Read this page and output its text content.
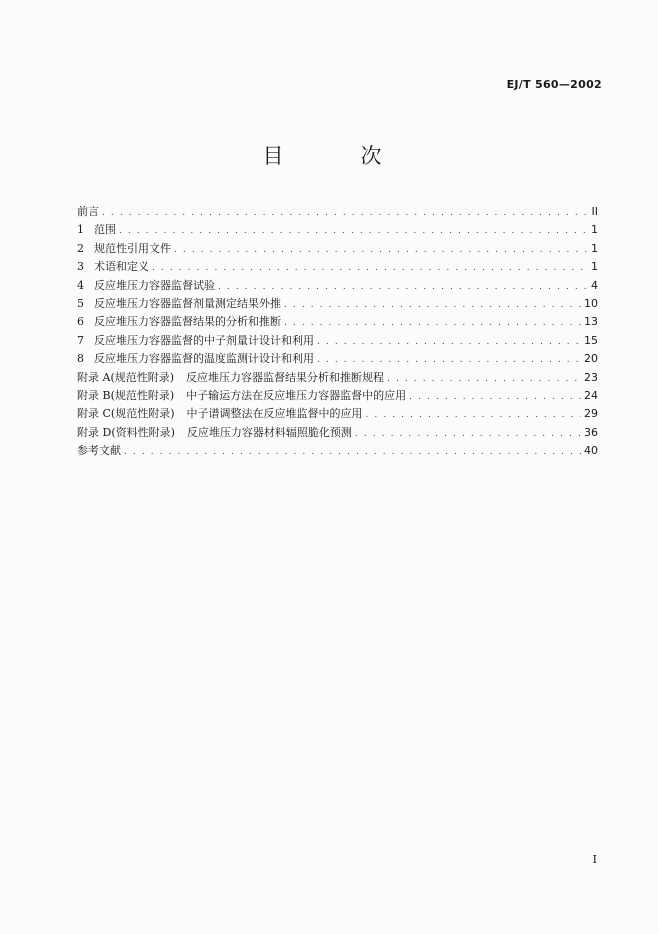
EJ/T 560—2002
目　次
前言 . . .	II
1 范围 . . .	1
2 规范性引用文件 . . .	1
3 术语和定义 . . .	1
4 反应堆压力容器监督试验 . . .	4
5 反应堆压力容器监督剂量测定结果外推 . . .	10
6 反应堆压力容器监督结果的分析和推断 . . .	13
7 反应堆压力容器监督的中子剂量计设计和利用 . . .	15
8 反应堆压力容器监督的温度监测计设计和利用 . . .	20
附录 A(规范性附录) 反应堆压力容器监督结果分析和推断规程 . . .	23
附录 B(规范性附录) 中子输运方法在反应堆压力容器监督中的应用 . . .	24
附录 C(规范性附录) 中子谱调整法在反应堆监督中的应用 . . .	29
附录 D(资料性附录) 反应堆压力容器材料辐照脆化预测 . . .	36
参考文献 . . .	40
I
